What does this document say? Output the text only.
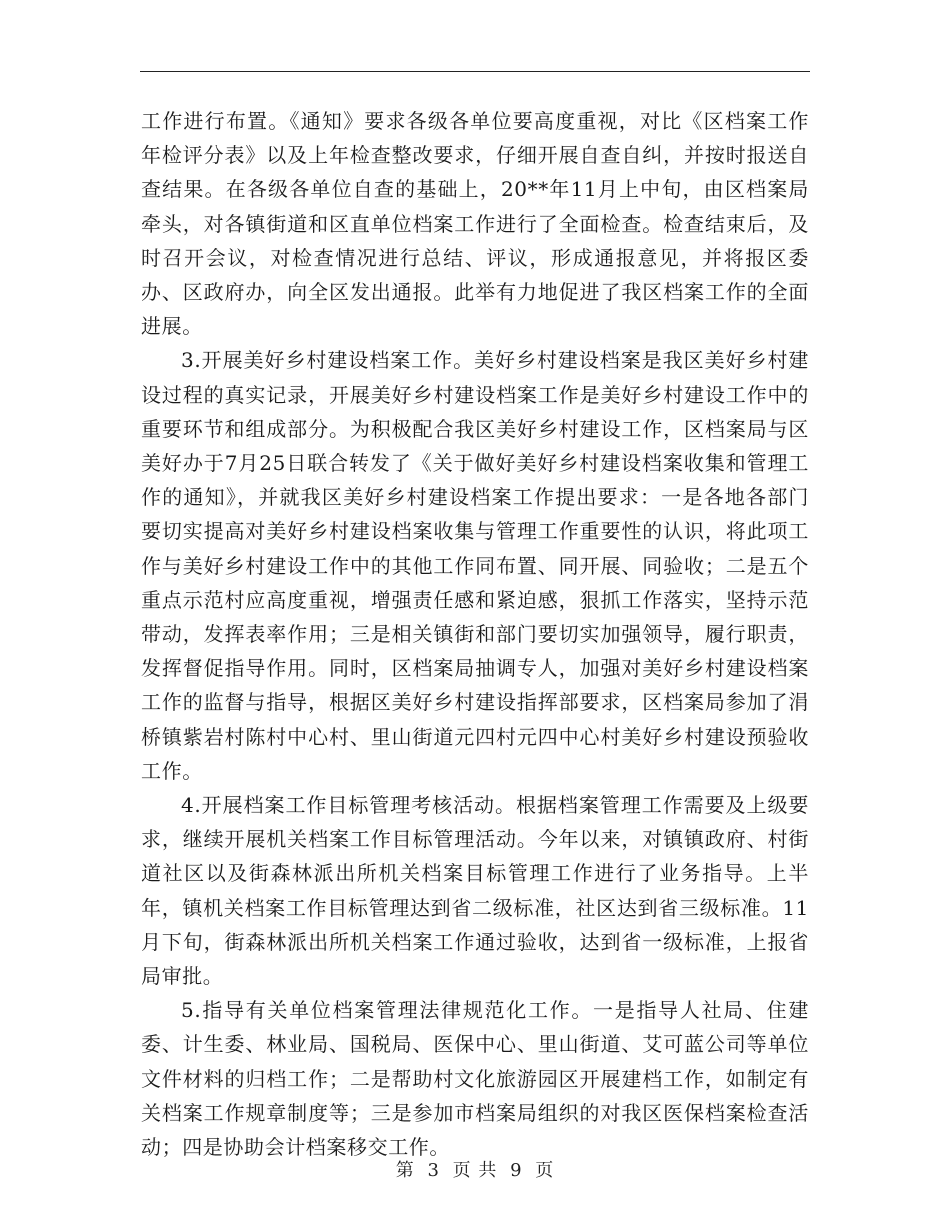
工作进行布置。《通知》要求各级各单位要高度重视，对比《区档案工作年检评分表》以及上年检查整改要求，仔细开展自查自纠，并按时报送自查结果。在各级各单位自查的基础上，20**年11月上中旬，由区档案局牵头，对各镇街道和区直单位档案工作进行了全面检查。检查结束后，及时召开会议，对检查情况进行总结、评议，形成通报意见，并将报区委办、区政府办，向全区发出通报。此举有力地促进了我区档案工作的全面进展。

3.开展美好乡村建设档案工作。美好乡村建设档案是我区美好乡村建设过程的真实记录，开展美好乡村建设档案工作是美好乡村建设工作中的重要环节和组成部分。为积极配合我区美好乡村建设工作，区档案局与区美好办于7月25日联合转发了《关于做好美好乡村建设档案收集和管理工作的通知》，并就我区美好乡村建设档案工作提出要求：一是各地各部门要切实提高对美好乡村建设档案收集与管理工作重要性的认识，将此项工作与美好乡村建设工作中的其他工作同布置、同开展、同验收；二是五个重点示范村应高度重视，增强责任感和紧迫感，狠抓工作落实，坚持示范带动，发挥表率作用；三是相关镇街和部门要切实加强领导，履行职责，发挥督促指导作用。同时，区档案局抽调专人，加强对美好乡村建设档案工作的监督与指导，根据区美好乡村建设指挥部要求，区档案局参加了涓桥镇紫岩村陈村中心村、里山街道元四村元四中心村美好乡村建设预验收工作。

4.开展档案工作目标管理考核活动。根据档案管理工作需要及上级要求，继续开展机关档案工作目标管理活动。今年以来，对镇镇政府、村街道社区以及街森林派出所机关档案目标管理工作进行了业务指导。上半年，镇机关档案工作目标管理达到省二级标准，社区达到省三级标准。11月下旬，街森林派出所机关档案工作通过验收，达到省一级标准，上报省局审批。

5.指导有关单位档案管理法律规范化工作。一是指导人社局、住建委、计生委、林业局、国税局、医保中心、里山街道、艾可蓝公司等单位文件材料的归档工作；二是帮助村文化旅游园区开展建档工作，如制定有关档案工作规章制度等；三是参加市档案局组织的对我区医保档案检查活动；四是协助会计档案移交工作。

第 3 页 共 9 页
